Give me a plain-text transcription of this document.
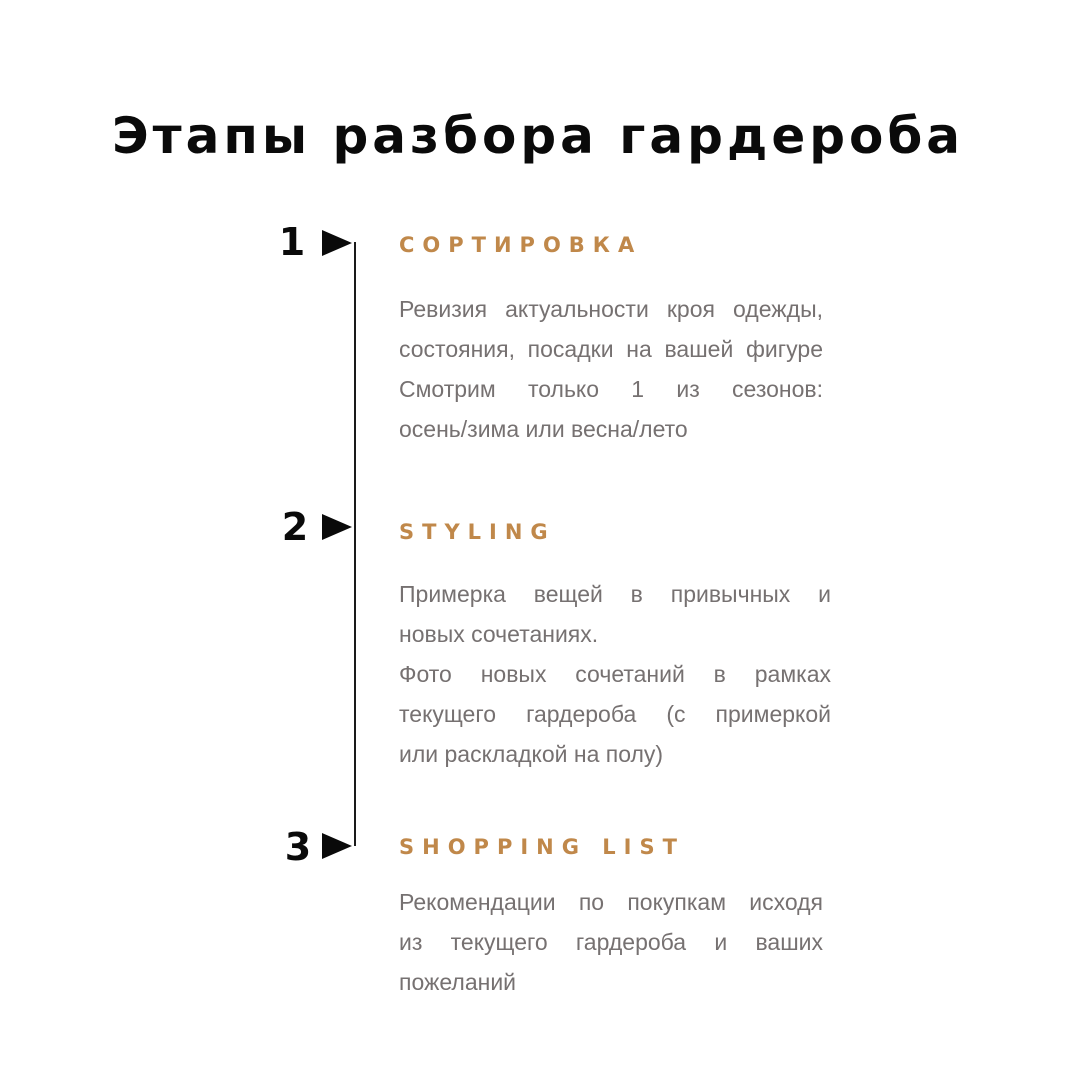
Этапы разбора гардероба
1	СОРТИРОВКА

Ревизия актуальности кроя одежды,

состояния, посадки на вашей фигуре

Смотрим только 1 из сезонов:

осень/зима или весна/лето

2	STYLING

Примерка вещей в привычных и

новых сочетаниях.

Фото новых сочетаний в рамках

текущего гардероба (с примеркой

или раскладкой на полу)

3	SHOPPING LIST

Рекомендации по покупкам исходя

из текущего гардероба и ваших

пожеланий
